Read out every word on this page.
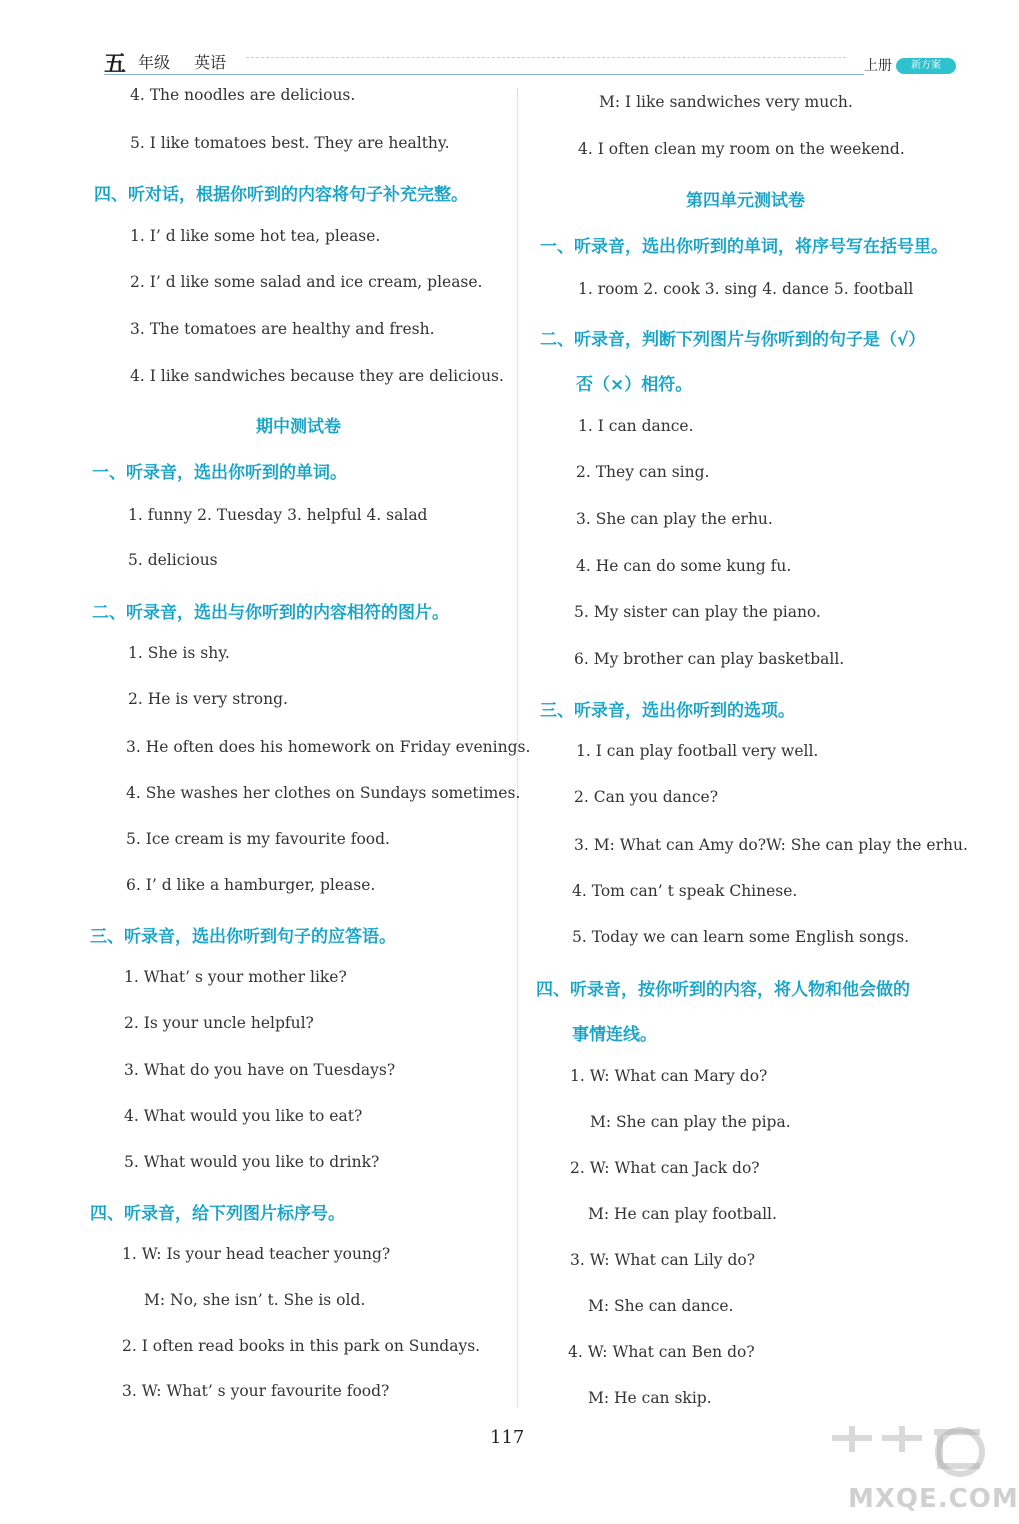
五 年级 英语	上册	新方案
4. The noodles are delicious.
5. I like tomatoes best. They are healthy.
四、听对话，根据你听到的内容将句子补充完整。
1. I’ d like some hot tea, please.
2. I’ d like some salad and ice cream, please.
3. The tomatoes are healthy and fresh.
4. I like sandwiches because they are delicious.
期中测试卷
一、听录音，选出你听到的单词。
1. funny 2. Tuesday 3. helpful 4. salad
5. delicious
二、听录音，选出与你听到的内容相符的图片。
1. She is shy.
2. He is very strong.
3. He often does his homework on Friday evenings.
4. She washes her clothes on Sundays sometimes.
5. Ice cream is my favourite food.
6. I’ d like a hamburger, please.
三、听录音，选出你听到句子的应答语。
1. What’ s your mother like?
2. Is your uncle helpful?
3. What do you have on Tuesdays?
4. What would you like to eat?
5. What would you like to drink?
四、听录音，给下列图片标序号。
1. W: Is your head teacher young?
M: No, she isn’ t. She is old.
2. I often read books in this park on Sundays.
3. W: What’ s your favourite food?
M: I like sandwiches very much.
4. I often clean my room on the weekend.
第四单元测试卷
一、听录音，选出你听到的单词，将序号写在括号里。
1. room 2. cook 3. sing 4. dance 5. football
二、听录音，判断下列图片与你听到的句子是（√）
否（×）相符。
1. I can dance.
2. They can sing.
3. She can play the erhu.
4. He can do some kung fu.
5. My sister can play the piano.
6. My brother can play basketball.
三、听录音，选出你听到的选项。
1. I can play football very well.
2. Can you dance?
3. M: What can Amy do?W: She can play the erhu.
4. Tom can’ t speak Chinese.
5. Today we can learn some English songs.
四、听录音，按你听到的内容，将人物和他会做的
事情连线。
1. W: What can Mary do?
M: She can play the pipa.
2. W: What can Jack do?
M: He can play football.
3. W: What can Lily do?
M: She can dance.
4. W: What can Ben do?
M: He can skip.
117
MXQE.COM
